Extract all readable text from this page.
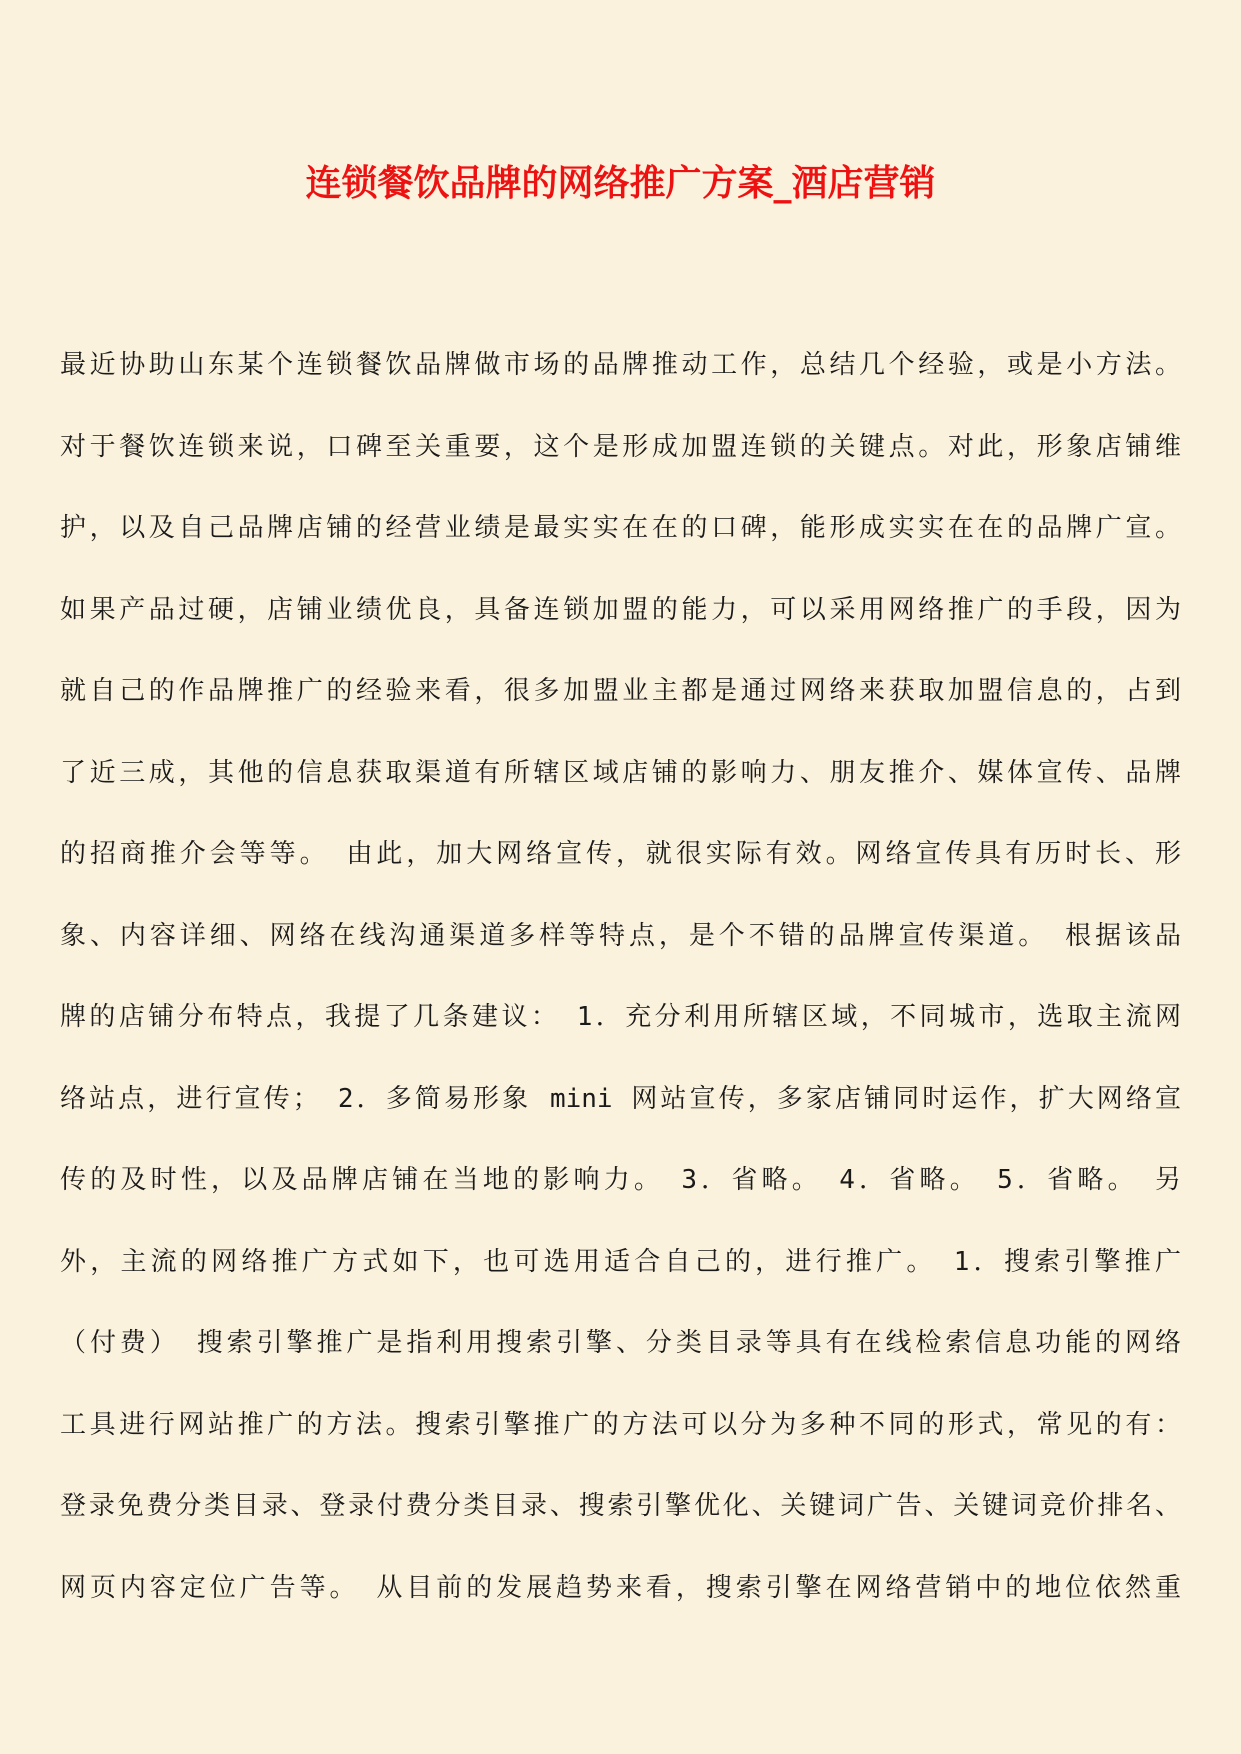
连锁餐饮品牌的网络推广方案_酒店营销
最近协助山东某个连锁餐饮品牌做市场的品牌推动工作，总结几个经验，或是小方法。
对于餐饮连锁来说，口碑至关重要，这个是形成加盟连锁的关键点。对此，形象店铺维
护，以及自己品牌店铺的经营业绩是最实实在在的口碑，能形成实实在在的品牌广宣。
如果产品过硬，店铺业绩优良，具备连锁加盟的能力，可以采用网络推广的手段，因为
就自己的作品牌推广的经验来看，很多加盟业主都是通过网络来获取加盟信息的，占到
了近三成，其他的信息获取渠道有所辖区域店铺的影响力、朋友推介、媒体宣传、品牌
的招商推介会等等。　由此，加大网络宣传，就很实际有效。网络宣传具有历时长、形
象、内容详细、网络在线沟通渠道多样等特点，是个不错的品牌宣传渠道。　根据该品
牌的店铺分布特点，我提了几条建议：　1．充分利用所辖区域，不同城市，选取主流网
络站点，进行宣传；　2．多简易形象 mini 网站宣传，多家店铺同时运作，扩大网络宣
传的及时性，以及品牌店铺在当地的影响力。　3．省略。　4．省略。　5．省略。　另
外，主流的网络推广方式如下，也可选用适合自己的，进行推广。　1．搜索引擎推广
（付费）　搜索引擎推广是指利用搜索引擎、分类目录等具有在线检索信息功能的网络
工具进行网站推广的方法。搜索引擎推广的方法可以分为多种不同的形式，常见的有：
登录免费分类目录、登录付费分类目录、搜索引擎优化、关键词广告、关键词竞价排名、
网页内容定位广告等。　从目前的发展趋势来看，搜索引擎在网络营销中的地位依然重
